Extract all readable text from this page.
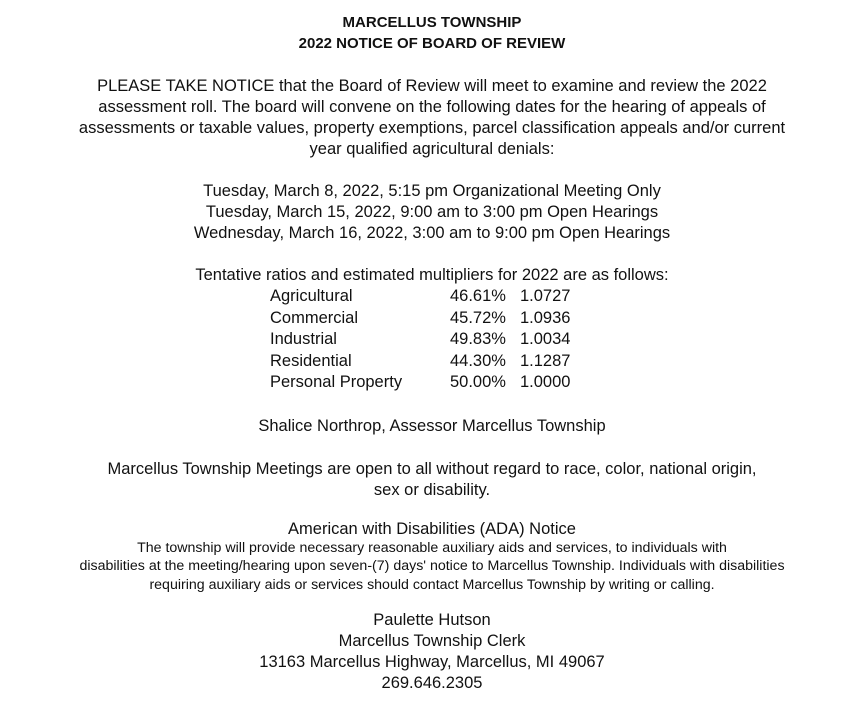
MARCELLUS TOWNSHIP

2022 NOTICE OF BOARD OF REVIEW

PLEASE TAKE NOTICE that the Board of Review will meet to examine and review the 2022
assessment roll. The board will convene on the following dates for the hearing of appeals of
assessments or taxable values, property exemptions, parcel classification appeals and/or current
year qualified agricultural denials:
Tuesday, March 8, 2022, 5:15 pm Organizational Meeting Only
Tuesday, March 15, 2022, 9:00 am to 3:00 pm Open Hearings
Wednesday, March 16, 2022, 3:00 am to 9:00 pm Open Hearings
Tentative ratios and estimated multipliers for 2022 are as follows:
Agricultural	46.61%	1.0727
Commercial	45.72%	1.0936
Industrial	49.83%	1.0034
Residential	44.30%	1.1287
Personal Property	50.00%	1.0000
Shalice Northrop, Assessor Marcellus Township
Marcellus Township Meetings are open to all without regard to race, color, national origin,
sex or disability.
American with Disabilities (ADA) Notice
The township will provide necessary reasonable auxiliary aids and services, to individuals with
disabilities at the meeting/hearing upon seven-(7) days' notice to Marcellus Township. Individuals with disabilities
requiring auxiliary aids or services should contact Marcellus Township by writing or calling.
Paulette Hutson
Marcellus Township Clerk
13163 Marcellus Highway, Marcellus, MI 49067
269.646.2305
